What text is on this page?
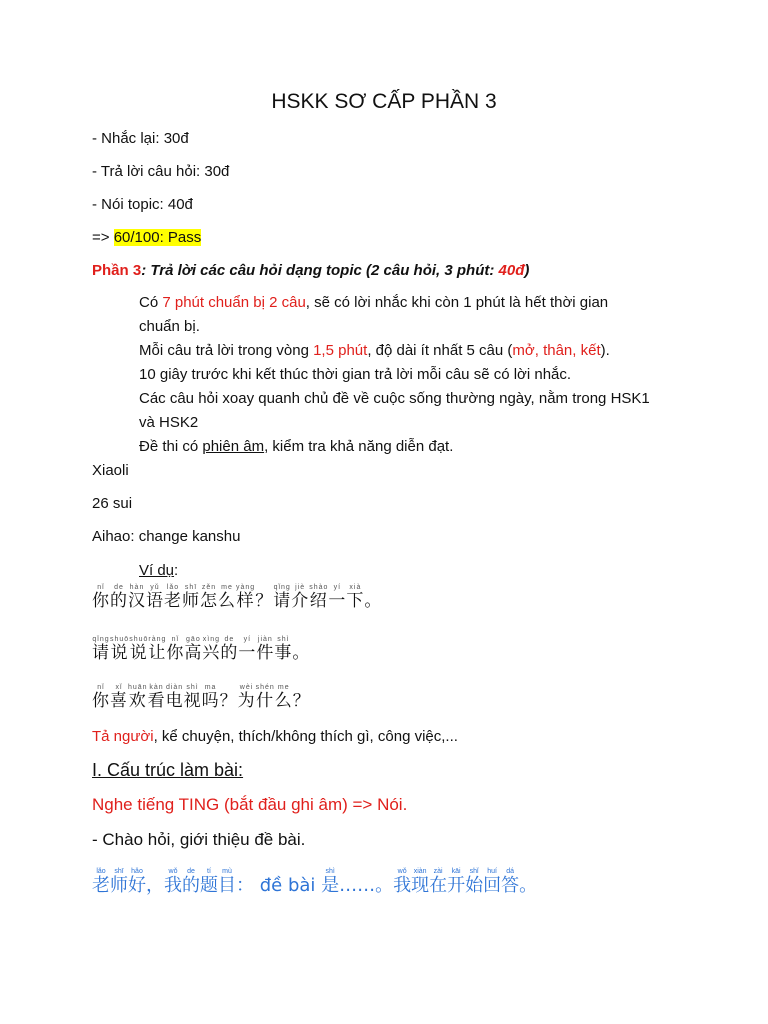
HSKK SƠ CẤP PHẦN 3
- Nhắc lại: 30đ
- Trả lời câu hỏi: 30đ
- Nói topic: 40đ
=> 60/100: Pass
Phần 3: Trả lời các câu hỏi dạng topic (2 câu hỏi, 3 phút: 40đ)
Có 7 phút chuẩn bị 2 câu, sẽ có lời nhắc khi còn 1 phút là hết thời gian
chuẩn bị.
Mỗi câu trả lời trong vòng 1,5 phút, độ dài ít nhất 5 câu (mở, thân, kết).
10 giây trước khi kết thúc thời gian trả lời mỗi câu sẽ có lời nhắc.
Các câu hỏi xoay quanh chủ đề về cuộc sống thường ngày, nằm trong HSK1
và HSK2
Đề thi có phiên âm, kiểm tra khả năng diễn đạt.
Xiaoli
26 sui
Aihao: change kanshu
Ví dụ:
你nǐ的de汉hàn语yǔ老lǎo师shī怎zěn么me样yàng？请qǐng介jiè绍shào一yí下xià。
请qǐng说shuō说shuō让ràng你nǐ高gāo兴xìng的de一yí件jiàn事shì。
你nǐ喜xǐ欢huān看kàn电diàn视shì吗ma？为wèi什shén么me？
Tả người, kể chuyện, thích/không thích gì, công việc,...
I. Cấu trúc làm bài:
Nghe tiếng TING (bắt đầu ghi âm) => Nói.
- Chào hỏi, giới thiệu đề bài.
老lǎo师shī好hǎo，我wǒ的de题tí目mù： đề bài 是shì……。我wǒ现xiàn在zài开kāi始shǐ回huí答dá。
